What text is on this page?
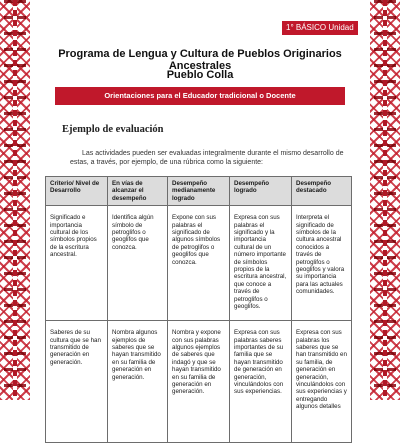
1° BÁSICO Unidad 4
Programa de Lengua y Cultura de Pueblos Originarios Ancestrales
Pueblo Colla
Orientaciones para el Educador tradicional o Docente
Ejemplo de evaluación
Las actividades pueden ser evaluadas integralmente durante el mismo desarrollo de estas, a través, por ejemplo, de una rúbrica como la siguiente:
Criterio/ Nivel de Desarrollo	En vías de alcanzar el desempeño	Desempeño medianamente logrado	Desempeño logrado	Desempeño destacado
Significado e importancia cultural de los símbolos propios de la escritura ancestral.	Identifica algún símbolo de petroglifos o geoglifos que conozca.	Expone con sus palabras el significado de algunos símbolos de petroglifos o geoglifos que conozca.	Expresa con sus palabras el significado y la importancia cultural de un número importante de símbolos propios de la escritura ancestral, que conoce a través de petroglifos o geoglifos.	Interpreta el significado de símbolos de la cultura ancestral conocidos a través de petroglifos o geoglifos y valora su importancia para las actuales comunidades.
Saberes de su cultura que se han transmitido de generación en generación.	Nombra algunos ejemplos de saberes que se hayan transmitido en su familia de generación en generación.	Nombra y expone con sus palabras algunos ejemplos de saberes que indagó y que se hayan transmitido en su familia de generación en generación.	Expresa con sus palabras saberes importantes de su familia que se hayan transmitido de generación en generación, vinculándolos con sus experiencias.	Expresa con sus palabras los saberes que se han transmitido en su familia, de generación en generación, vinculándolos con sus experiencias y entregando algunos detalles
